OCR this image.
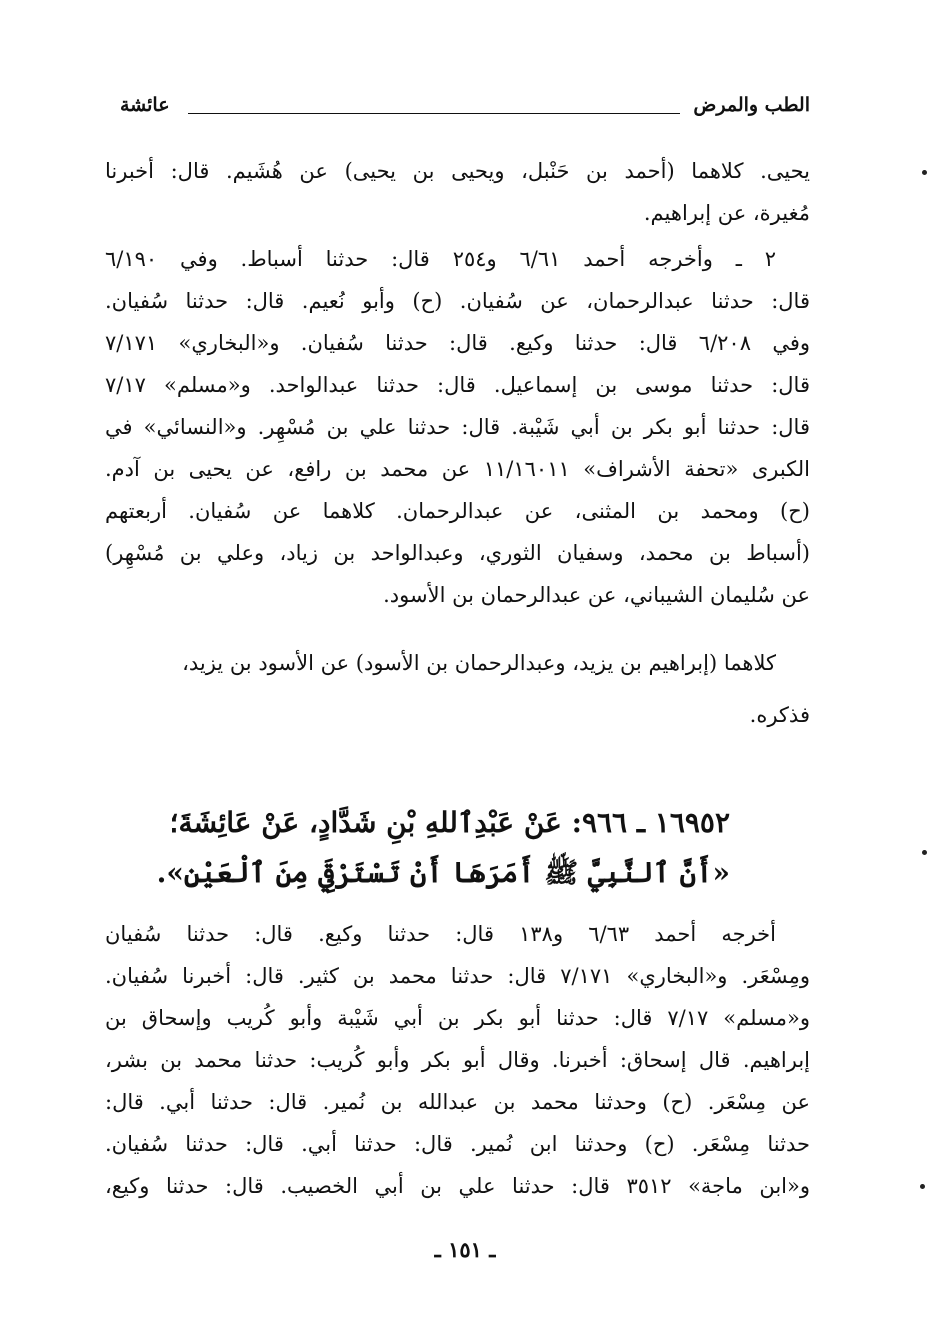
الطب والمرض
عائشة
يحيى. كلاهما (أحمد بن حَنْبل، ويحيى بن يحيى) عن هُشَيم. قال: أخبرنا
مُغيرة، عن إبراهيم.
٢ ـ وأخرجه أحمد ٦/٦١ و٢٥٤ قال: حدثنا أسباط. وفي ٦/١٩٠
قال: حدثنا عبدالرحمان، عن سُفيان. (ح) وأبو نُعيم. قال: حدثنا سُفيان.
وفي ٦/٢٠٨ قال: حدثنا وكيع. قال: حدثنا سُفيان. و«البخاري» ٧/١٧١
قال: حدثنا موسى بن إسماعيل. قال: حدثنا عبدالواحد. و«مسلم» ٧/١٧
قال: حدثنا أبو بكر بن أبي شَيْبة. قال: حدثنا علي بن مُسْهِر. و«النسائي» في
الكبرى «تحفة الأشراف» ١١/١٦٠١١ عن محمد بن رافع، عن يحيى بن آدم.
(ح) ومحمد بن المثنى، عن عبدالرحمان. كلاهما عن سُفيان. أربعتهم
(أسباط بن محمد، وسفيان الثوري، وعبدالواحد بن زياد، وعلي بن مُسْهِر)
عن سُليمان الشيباني، عن عبدالرحمان بن الأسود.
كلاهما (إبراهيم بن يزيد، وعبدالرحمان بن الأسود) عن الأسود بن يزيد،
فذكره.
١٦٩٥٢ ـ ٩٦٦: عَنْ عَبْدِٱللهِ بْنِ شَدَّادٍ، عَنْ عَائِشَةَ؛
«أَنَّ ٱلنَّبِيَّ ﷺ أَمَرَهَا أَنْ تَسْتَرْقِيَ مِنَ ٱلْعَيْنِ».
أخرجه أحمد ٦/٦٣ و١٣٨ قال: حدثنا وكيع. قال: حدثنا سُفيان
ومِسْعَر. و«البخاري» ٧/١٧١ قال: حدثنا محمد بن كثير. قال: أخبرنا سُفيان.
و«مسلم» ٧/١٧ قال: حدثنا أبو بكر بن أبي شَيْبة وأبو كُريب وإسحاق بن
إبراهيم. قال إسحاق: أخبرنا. وقال أبو بكر وأبو كُريب: حدثنا محمد بن بشر،
عن مِسْعَر. (ح) وحدثنا محمد بن عبدالله بن نُمير. قال: حدثنا أبي. قال:
حدثنا مِسْعَر. (ح) وحدثنا ابن نُمير. قال: حدثنا أبي. قال: حدثنا سُفيان.
و«ابن ماجة» ٣٥١٢ قال: حدثنا علي بن أبي الخصيب. قال: حدثنا وكيع،
ـ ١٥١ ـ
